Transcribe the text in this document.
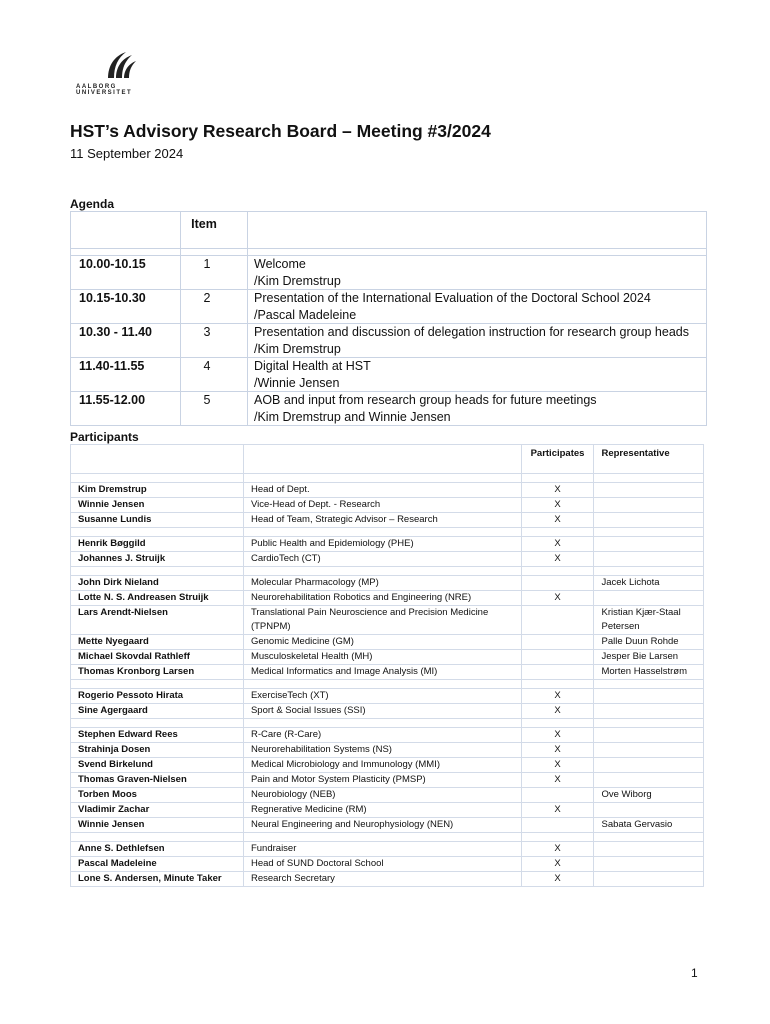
AALBORG UNIVERSITET
HST’s Advisory Research Board – Meeting #3/2024
11 September 2024
Agenda
	Item	

10.00-10.15	1	Welcome
/Kim Dremstrup

10.15-10.30	2	Presentation of the International Evaluation of the Doctoral School 2024
/Pascal Madeleine

10.30 - 11.40	3	Presentation and discussion of delegation instruction for research group heads
/Kim Dremstrup

11.40-11.55	4	Digital Health at HST
/Winnie Jensen

11.55-12.00	5	AOB and input from research group heads for future meetings
/Kim Dremstrup and Winnie Jensen
Participants
		Participates	Representative

Kim Dremstrup	Head of Dept.	X	
Winnie Jensen	Vice-Head of Dept. - Research	X	
Susanne Lundis	Head of Team, Strategic Advisor – Research	X	

Henrik Bøggild	Public Health and Epidemiology (PHE)	X	
Johannes J. Struijk	CardioTech (CT)	X	

John Dirk Nieland	Molecular Pharmacology (MP)		Jacek Lichota
Lotte N. S. Andreasen Struijk	Neurorehabilitation Robotics and Engineering (NRE)	X	
Lars Arendt-Nielsen	Translational Pain Neuroscience and Precision Medicine (TPNPM)		Kristian Kjær-Staal Petersen
Mette Nyegaard	Genomic Medicine (GM)		Palle Duun Rohde
Michael Skovdal Rathleff	Musculoskeletal Health (MH)		Jesper Bie Larsen
Thomas Kronborg Larsen	Medical Informatics and Image Analysis (MI)		Morten Hasselstrøm

Rogerio Pessoto Hirata	ExerciseTech (XT)	X	
Sine Agergaard	Sport & Social Issues (SSI)	X	

Stephen Edward Rees	R-Care (R-Care)	X	
Strahinja Dosen	Neurorehabilitation Systems (NS)	X	
Svend Birkelund	Medical Microbiology and Immunology (MMI)	X	
Thomas Graven-Nielsen	Pain and Motor System Plasticity (PMSP)	X	
Torben Moos	Neurobiology (NEB)		Ove Wiborg
Vladimir Zachar	Regnerative Medicine (RM)	X	
Winnie Jensen	Neural Engineering and Neurophysiology (NEN)		Sabata Gervasio

Anne S. Dethlefsen	Fundraiser	X	
Pascal Madeleine	Head of SUND Doctoral School	X	
Lone S. Andersen, Minute Taker	Research Secretary	X	
1
